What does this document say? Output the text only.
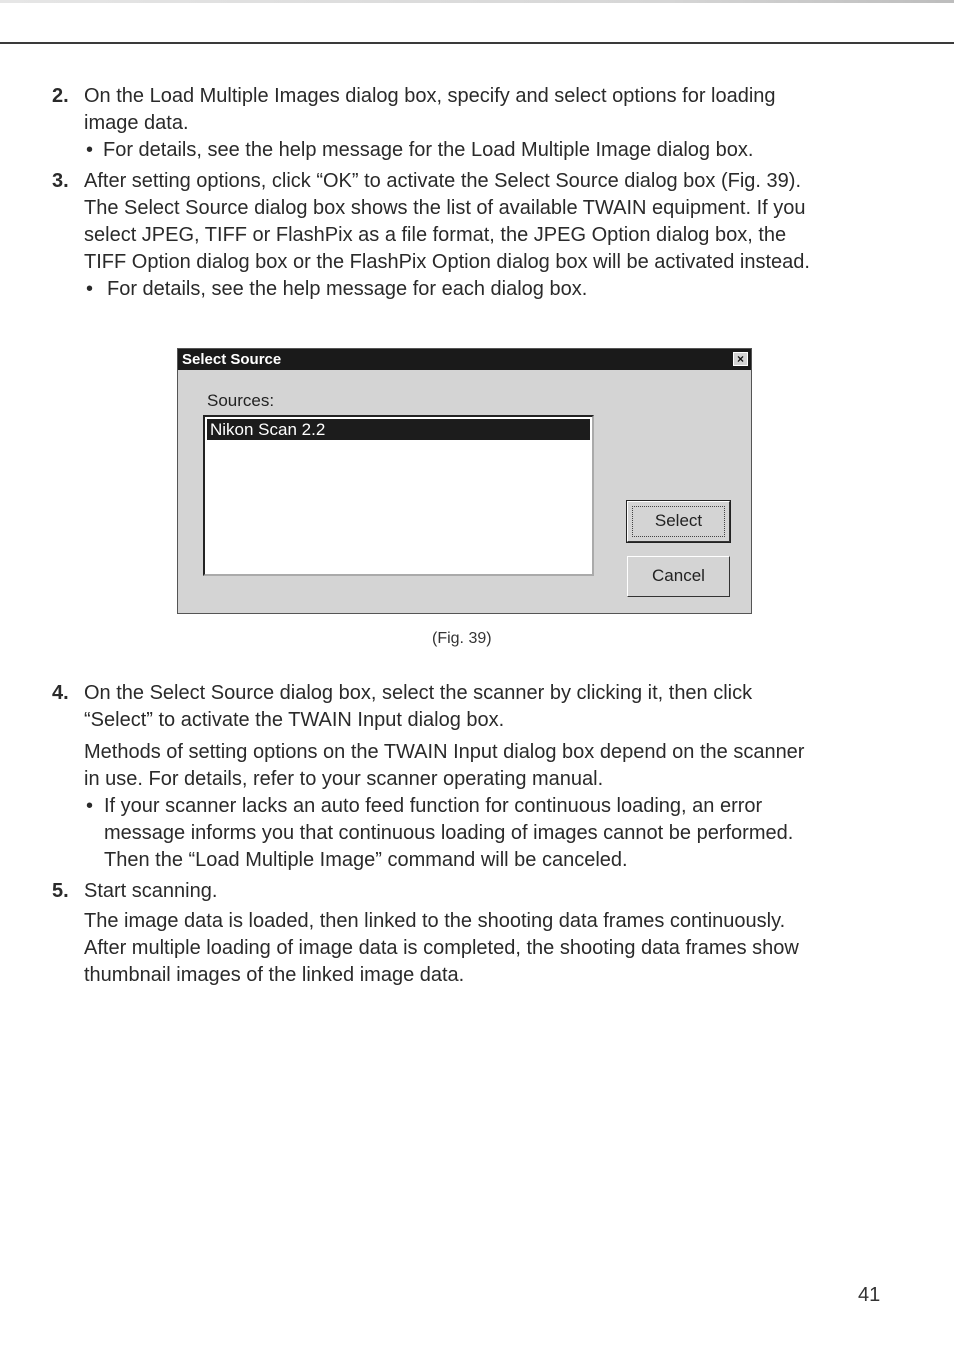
2. On the Load Multiple Images dialog box, specify and select options for loading
image data.
• For details, see the help message for the Load Multiple Image dialog box.
3. After setting options, click “OK” to activate the Select Source dialog box (Fig. 39).
The Select Source dialog box shows the list of available TWAIN equipment. If you
select JPEG, TIFF or FlashPix as a file format, the JPEG Option dialog box, the
TIFF Option dialog box or the FlashPix Option dialog box will be activated instead.
• For details, see the help message for each dialog box.
Select Source	×
Sources:
Nikon Scan 2.2
Select
Cancel
(Fig. 39)
4. On the Select Source dialog box, select the scanner by clicking it, then click
“Select” to activate the TWAIN Input dialog box.
Methods of setting options on the TWAIN Input dialog box depend on the scanner
in use. For details, refer to your scanner operating manual.
• If your scanner lacks an auto feed function for continuous loading, an error
message informs you that continuous loading of images cannot be performed.
Then the “Load Multiple Image” command will be canceled.
5. Start scanning.
The image data is loaded, then linked to the shooting data frames continuously.
After multiple loading of image data is completed, the shooting data frames show
thumbnail images of the linked image data.
41
